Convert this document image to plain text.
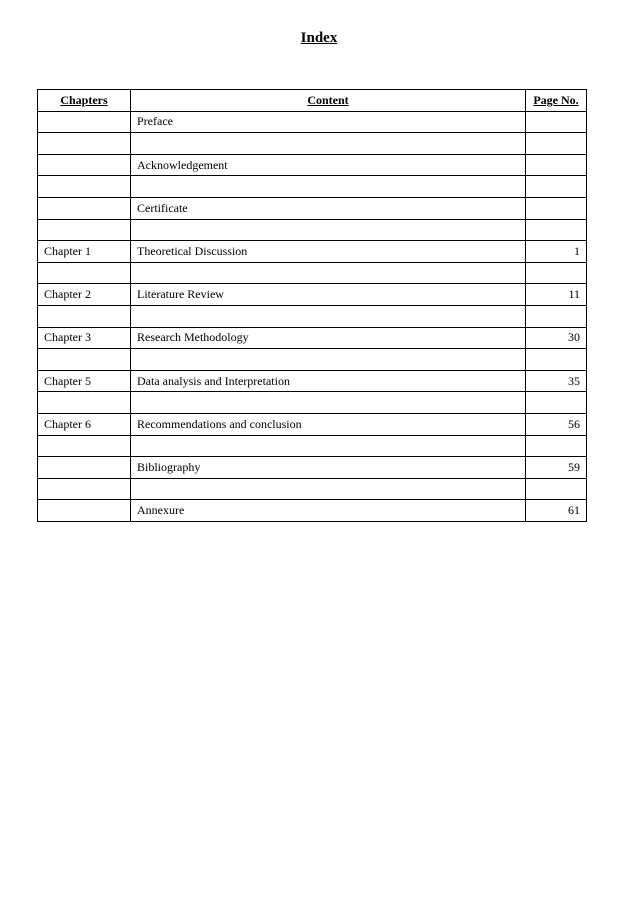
Index
Chapters	Content	Page No.
	Preface	

	Acknowledgement	

	Certificate	

Chapter 1	Theoretical Discussion	1

Chapter 2	Literature Review	11

Chapter 3	Research Methodology	30

Chapter 5	Data analysis and Interpretation	35

Chapter 6	Recommendations and conclusion	56

	Bibliography	59

	Annexure	61
